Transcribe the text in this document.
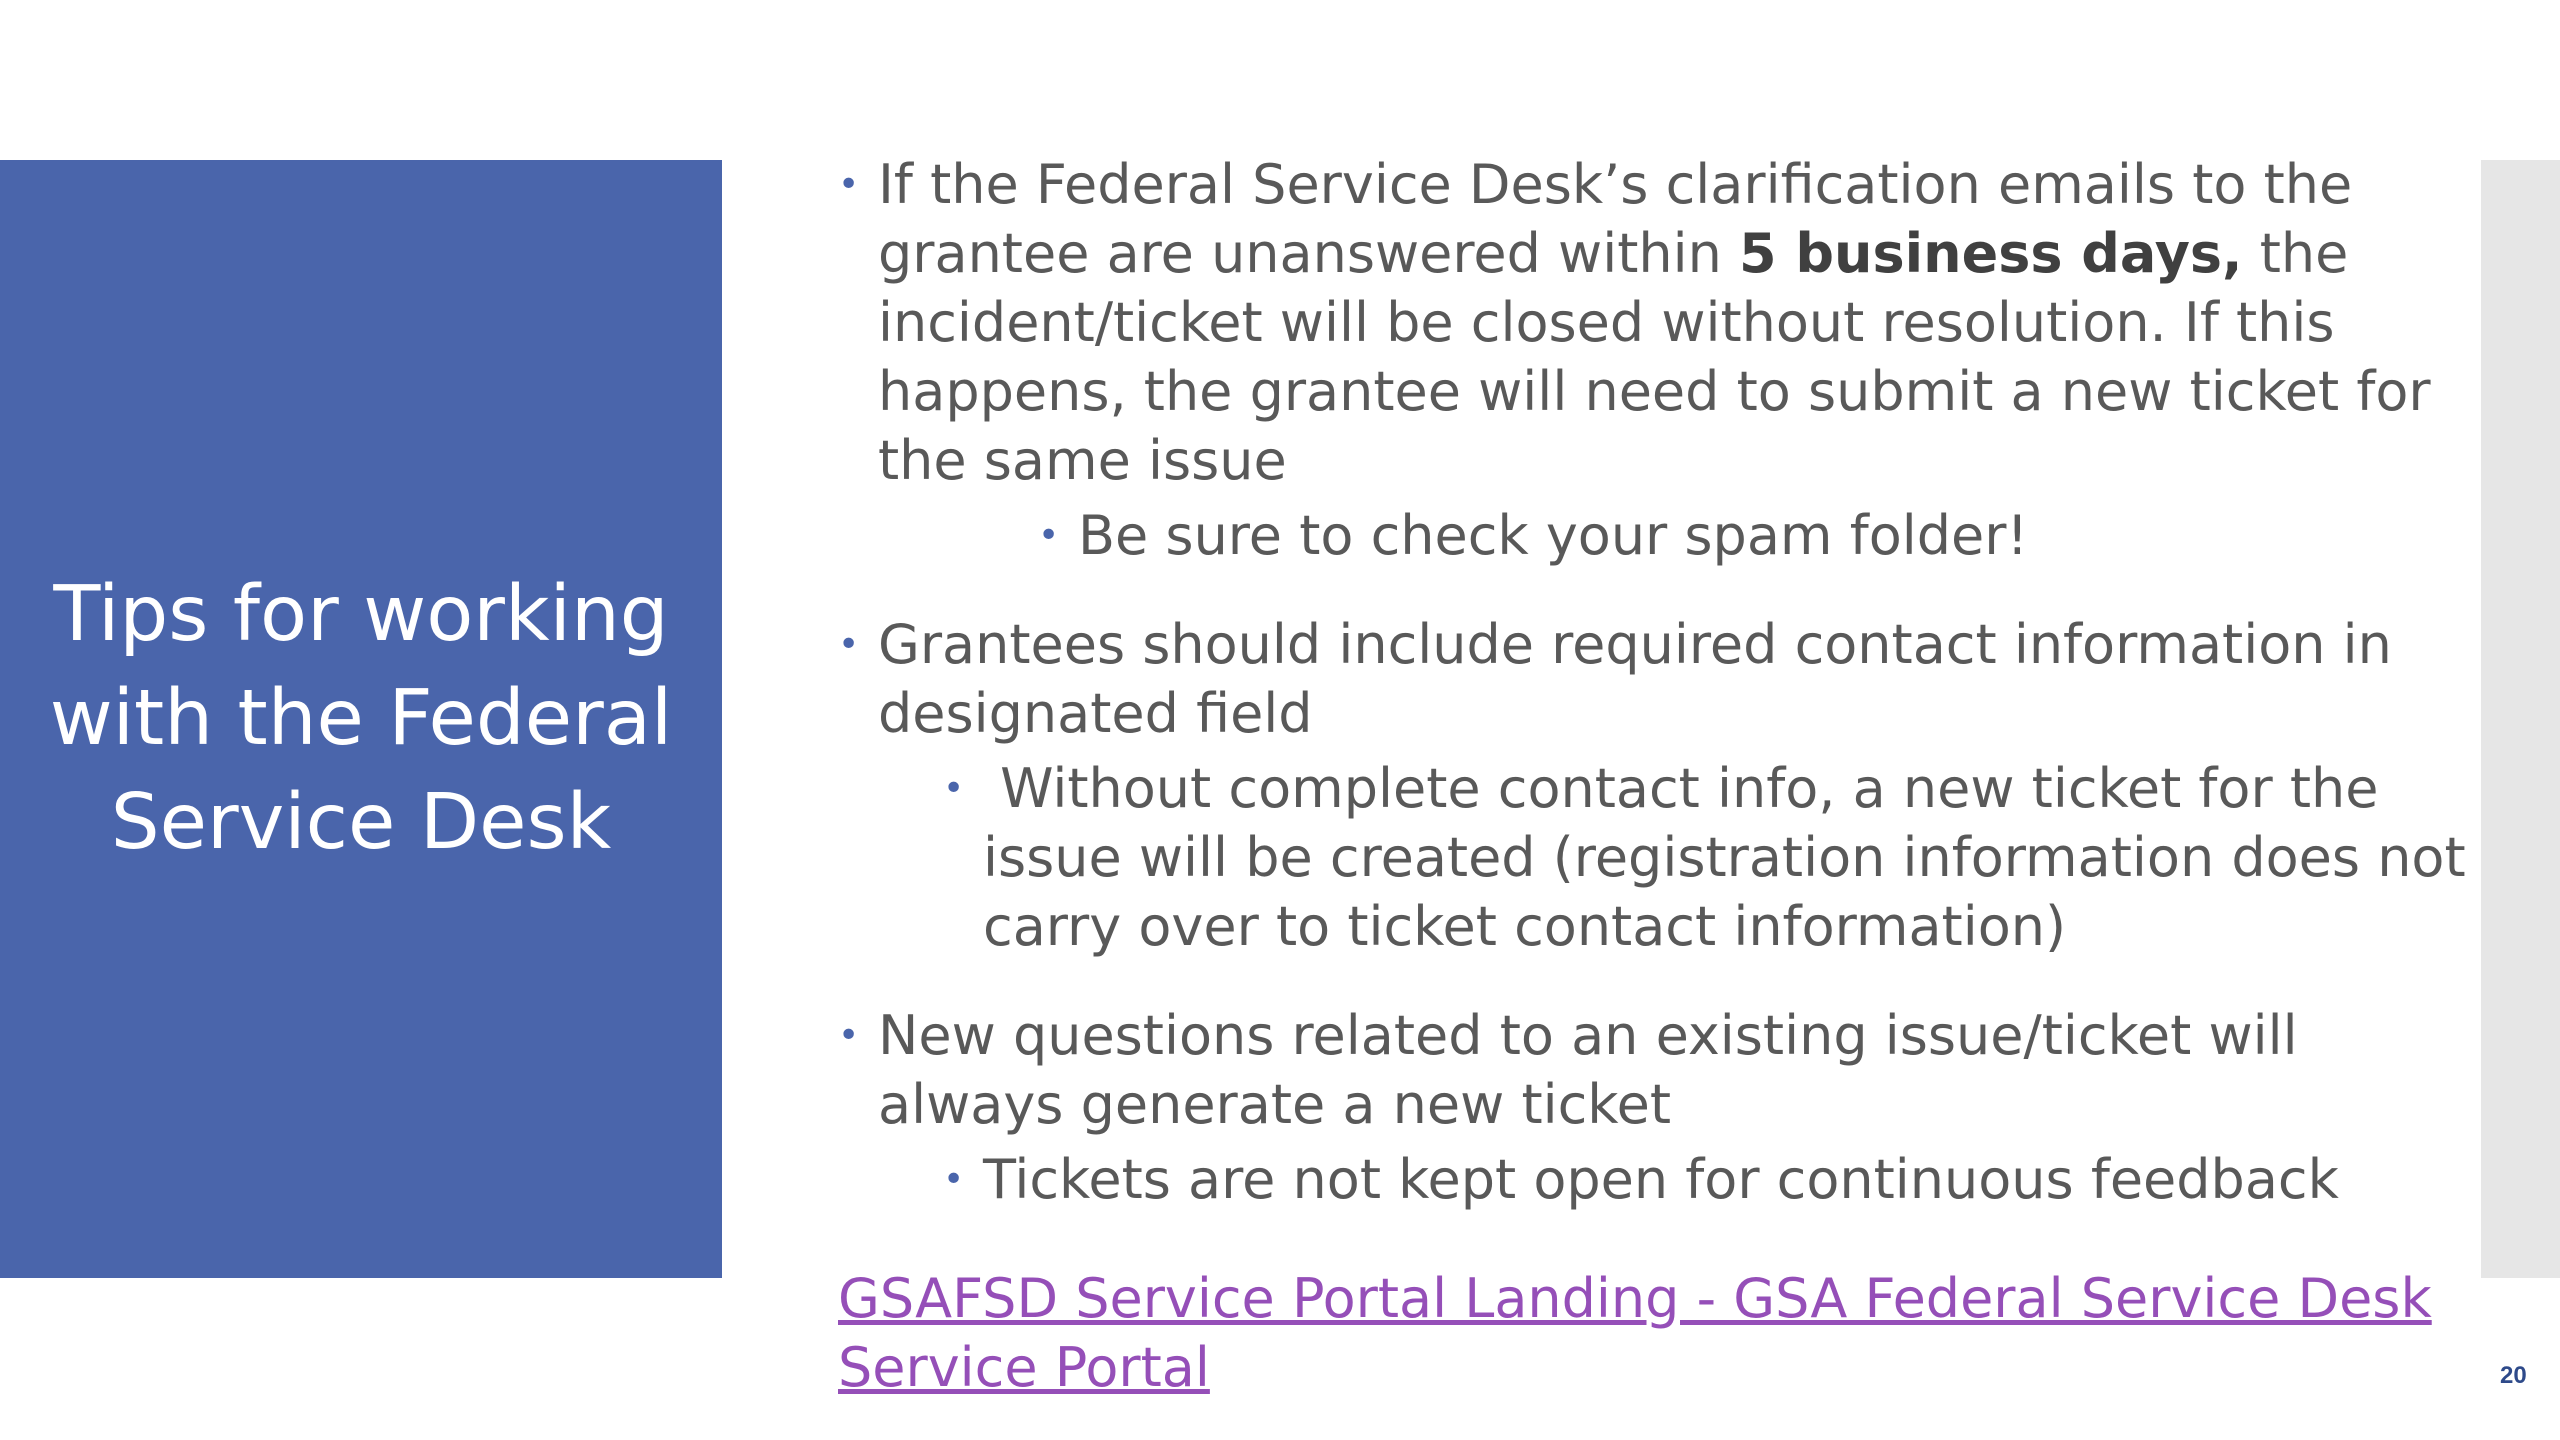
Tips for working
with the Federal
Service Desk
• If the Federal Service Desk’s clarification emails to the
grantee are unanswered within 5 business days, the
incident/ticket will be closed without resolution. If this
happens, the grantee will need to submit a new ticket for
the same issue
• Be sure to check your spam folder!
• Grantees should include required contact information in
designated field
• Without complete contact info, a new ticket for the
issue will be created (registration information does not
carry over to ticket contact information)
• New questions related to an existing issue/ticket will
always generate a new ticket
• Tickets are not kept open for continuous feedback
GSAFSD Service Portal Landing - GSA Federal Service Desk
Service Portal	20
